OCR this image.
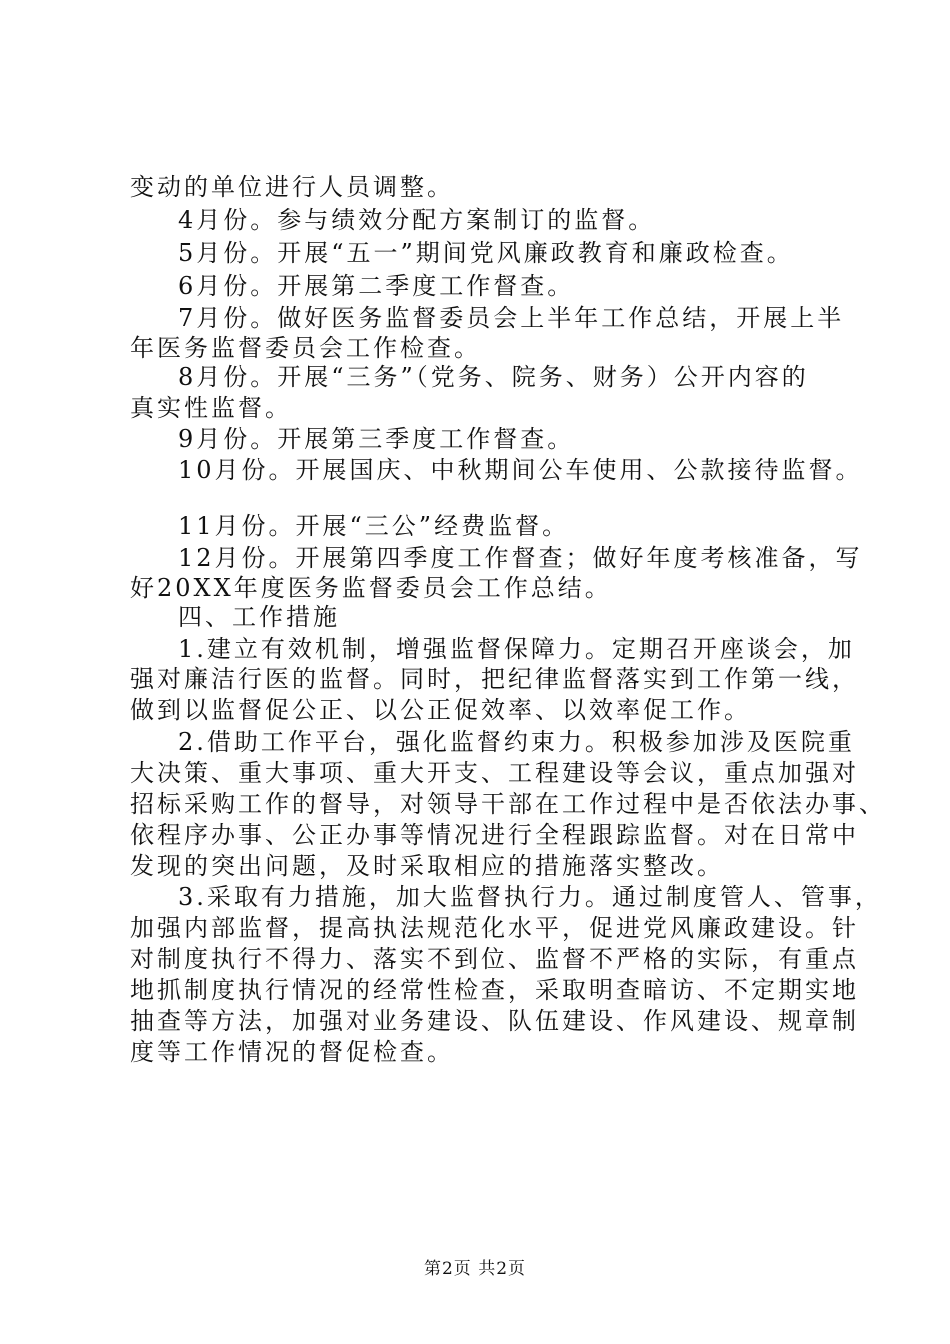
变动的单位进行人员调整。
4月份。参与绩效分配方案制订的监督。
5月份。开展“五一”期间党风廉政教育和廉政检查。
6月份。开展第二季度工作督查。
7月份。做好医务监督委员会上半年工作总结，开展上半
年医务监督委员会工作检查。
8月份。开展“三务”（党务、院务、财务）公开内容的
真实性监督。
9月份。开展第三季度工作督查。
10月份。开展国庆、中秋期间公车使用、公款接待监督。
11月份。开展“三公”经费监督。
12月份。开展第四季度工作督查；做好年度考核准备，写
好20XX年度医务监督委员会工作总结。
四、工作措施
1.建立有效机制，增强监督保障力。定期召开座谈会，加
强对廉洁行医的监督。同时，把纪律监督落实到工作第一线，
做到以监督促公正、以公正促效率、以效率促工作。
2.借助工作平台，强化监督约束力。积极参加涉及医院重
大决策、重大事项、重大开支、工程建设等会议，重点加强对
招标采购工作的督导，对领导干部在工作过程中是否依法办事、
依程序办事、公正办事等情况进行全程跟踪监督。对在日常中
发现的突出问题，及时采取相应的措施落实整改。
3.采取有力措施，加大监督执行力。通过制度管人、管事，
加强内部监督，提高执法规范化水平，促进党风廉政建设。针
对制度执行不得力、落实不到位、监督不严格的实际，有重点
地抓制度执行情况的经常性检查，采取明查暗访、不定期实地
抽查等方法，加强对业务建设、队伍建设、作风建设、规章制
度等工作情况的督促检查。
第2页 共2页
